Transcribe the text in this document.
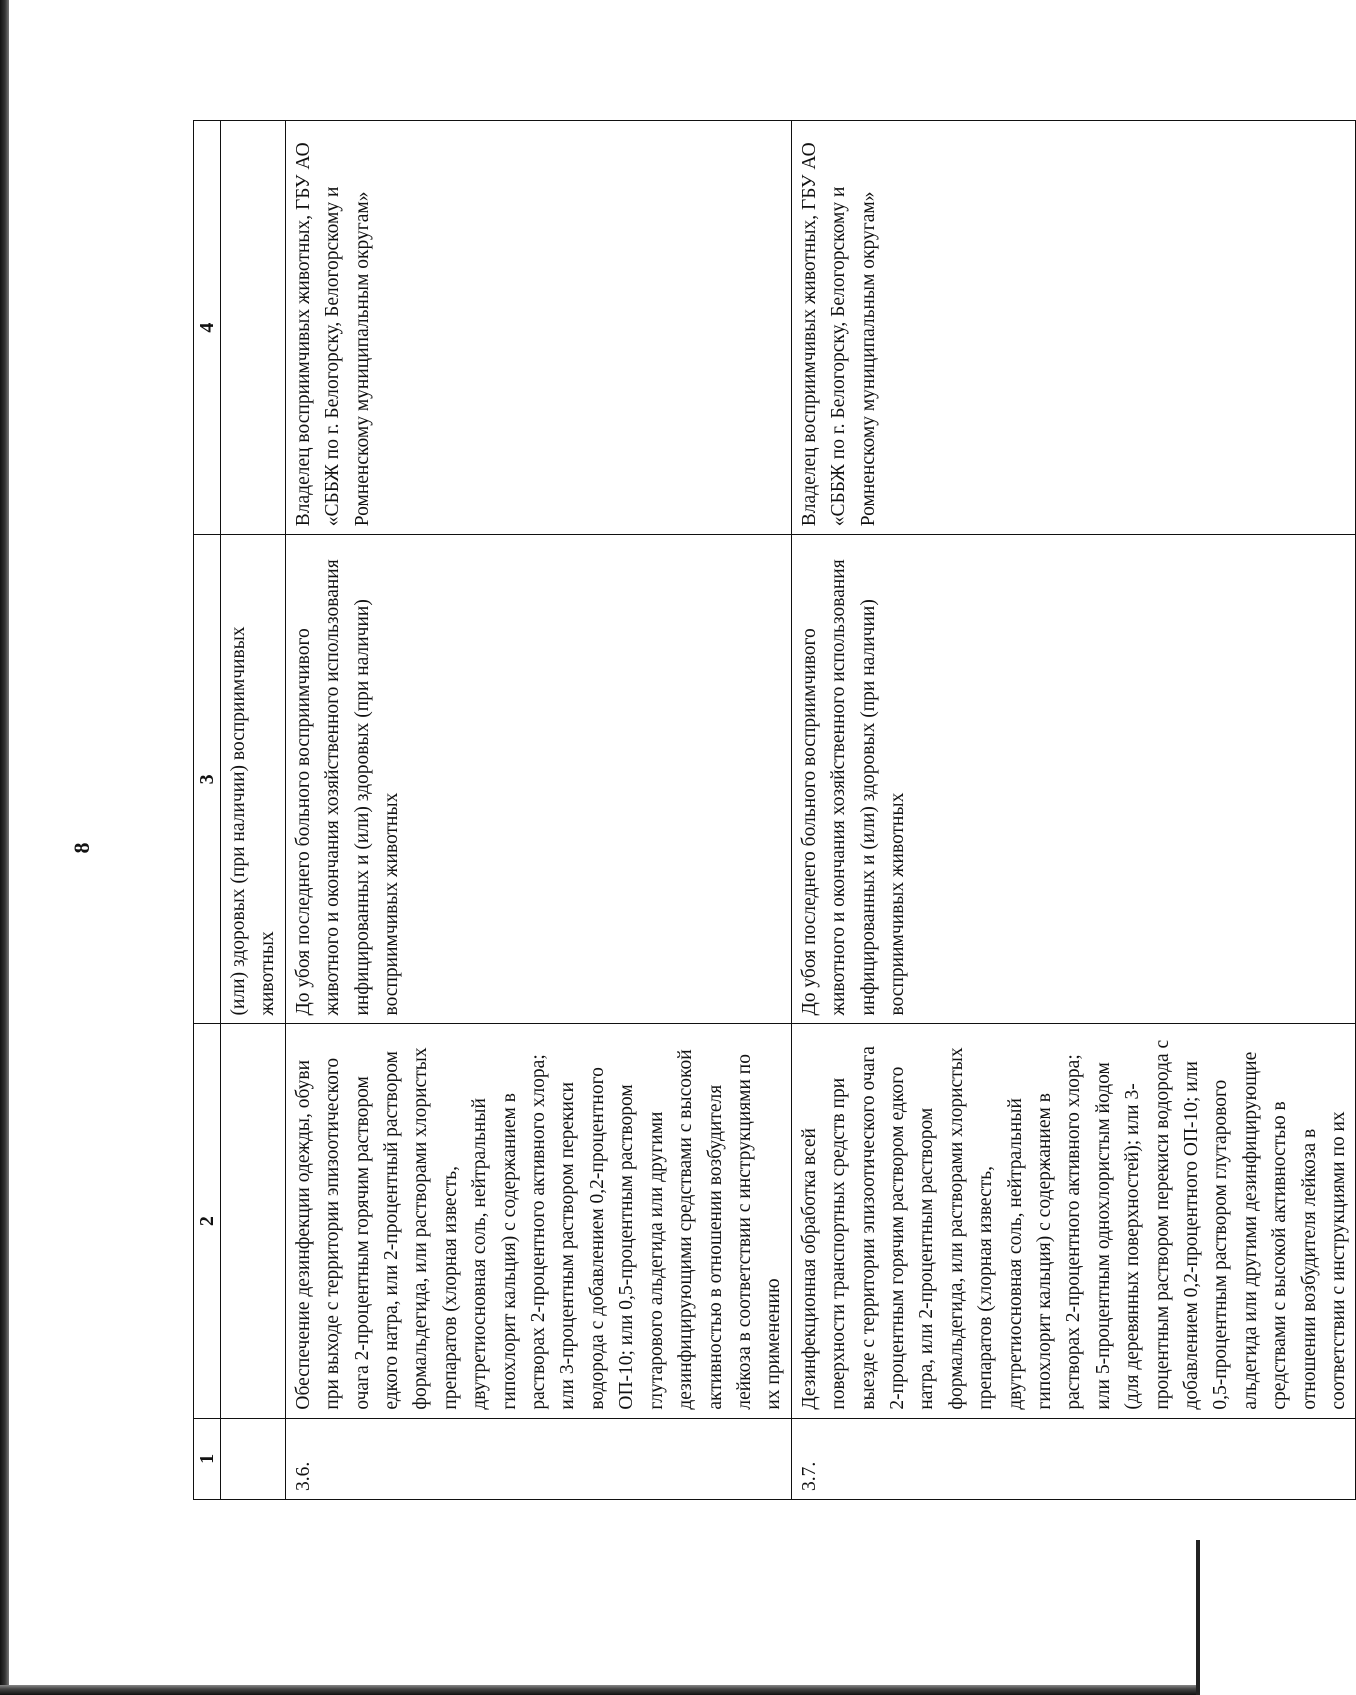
8
1	2	3	4
		(или) здоровых (при наличии) восприимчивых животных	
3.6.	Обеспечение дезинфекции одежды, обуви при выходе с территории эпизоотического очага 2-процентным горячим раствором едкого натра, или 2-процентный раствором формальдегида, или растворами хлористых препаратов (хлорная известь, двутретиосновная соль, нейтральный гипохлорит кальция) с содержанием в растворах 2-процентного активного хлора; или 3-процентным раствором перекиси водорода с добавлением 0,2-процентного ОП-10; или 0,5-процентным раствором глутарового альдегида или другими дезинфицирующими средствами с высокой активностью в отношении возбудителя лейкоза в соответствии с инструкциями по их применению	До убоя последнего больного восприимчивого животного и окончания хозяйственного использования инфицированных и (или) здоровых (при наличии) восприимчивых животных	Владелец восприимчивых животных, ГБУ АО «СББЖ по г. Белогорску, Белогорскому и Ромненскому муниципальным округам»
3.7.	Дезинфекционная обработка всей поверхности транспортных средств при выезде с территории эпизоотического очага 2-процентным горячим раствором едкого натра, или 2-процентным раствором формальдегида, или растворами хлористых препаратов (хлорная известь, двутретиосновная соль, нейтральный гипохлорит кальция) с содержанием в растворах 2-процентного активного хлора; или 5-процентным однохлористым йодом (для деревянных поверхностей); или 3-процентным раствором перекиси водорода с добавлением 0,2-процентного ОП-10; или 0,5-процентным раствором глутарового альдегида или другими дезинфицирующие средствами с высокой активностью в отношении возбудителя лейкоза в соответствии с инструкциями по их	До убоя последнего больного восприимчивого животного и окончания хозяйственного использования инфицированных и (или) здоровых (при наличии) восприимчивых животных	Владелец восприимчивых животных, ГБУ АО «СББЖ по г. Белогорску, Белогорскому и Ромненскому муниципальным округам»
